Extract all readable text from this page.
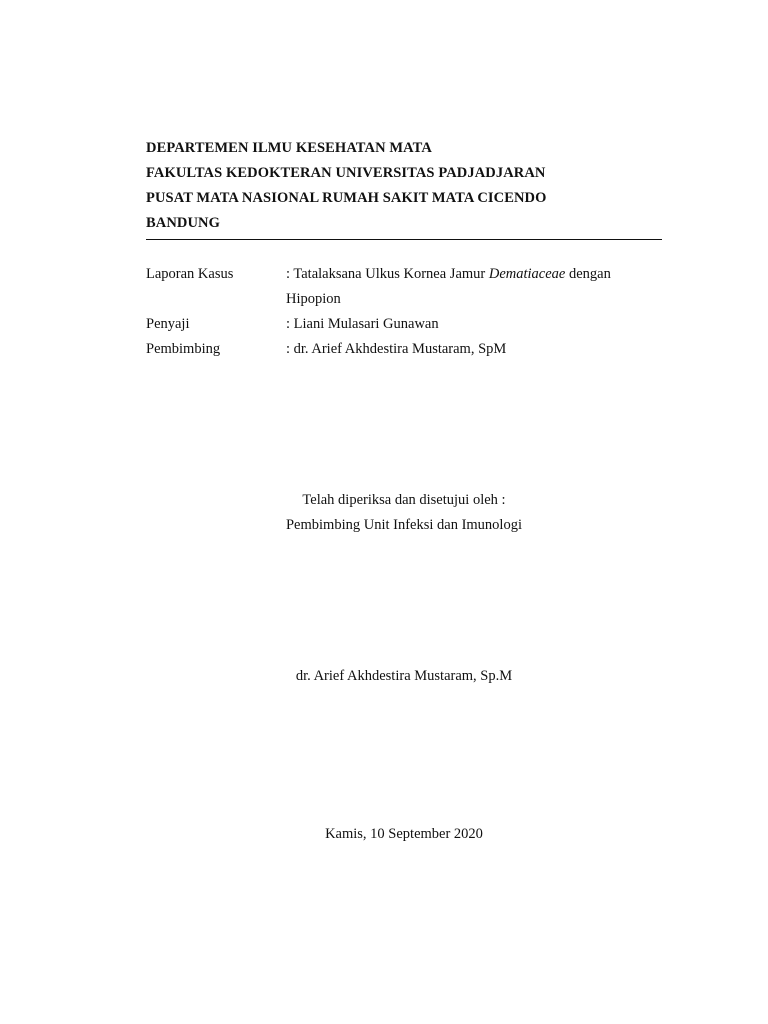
DEPARTEMEN ILMU KESEHATAN MATA
FAKULTAS KEDOKTERAN UNIVERSITAS PADJADJARAN
PUSAT MATA NASIONAL RUMAH SAKIT MATA CICENDO
BANDUNG
Laporan Kasus	: Tatalaksana Ulkus Kornea Jamur Dematiaceae dengan
Hipopion
Penyaji	: Liani Mulasari Gunawan
Pembimbing	: dr. Arief Akhdestira Mustaram, SpM
Telah diperiksa dan disetujui oleh :
Pembimbing Unit Infeksi dan Imunologi
dr. Arief Akhdestira Mustaram, Sp.M
Kamis, 10 September 2020
